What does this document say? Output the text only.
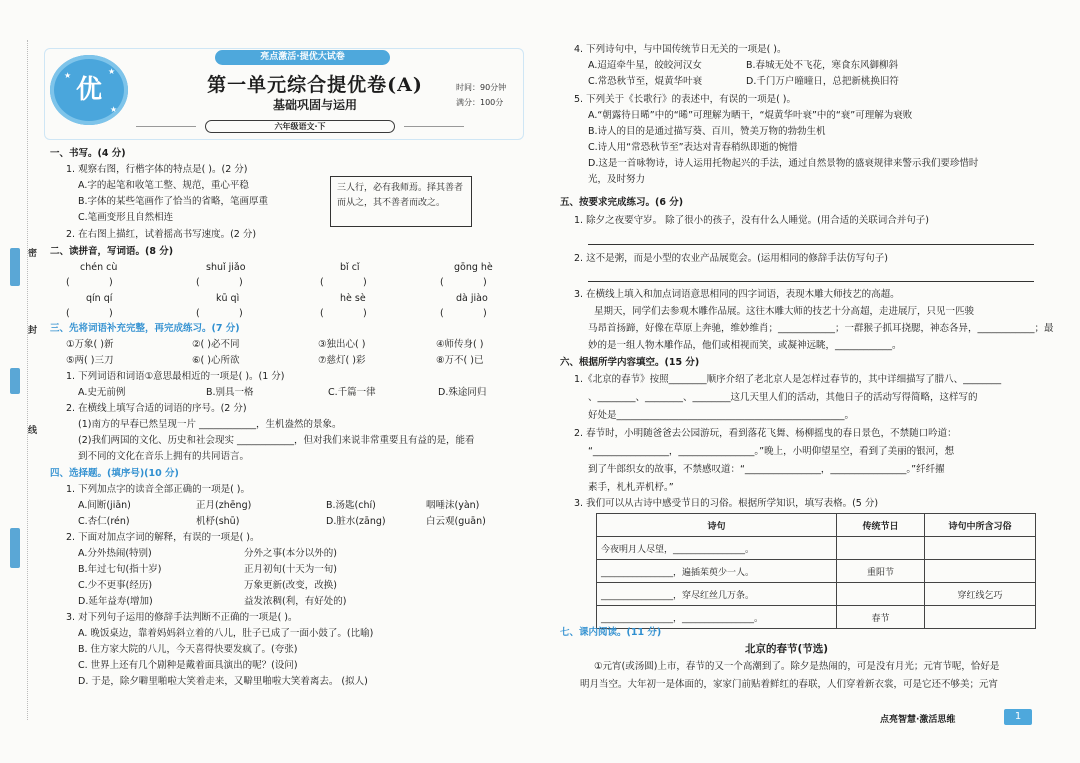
密
封
线
优
★	★
★
亮点激活·提优大试卷
第一单元综合提优卷(A)
基础巩固与运用
时间：90分钟
满分：100分
六年级语文·下
一、书写。(4 分)
1. 观察右图，行楷字体的特点是( )。(2 分)
A.字的起笔和收笔工整、规范，重心平稳
B.字体的某些笔画作了恰当的省略，笔画厚重
C.笔画变形且自然相连
2. 在右图上描红，试着摇高书写速度。(2 分)
三人行，必有我师焉。择其善者而从之，其不善者而改之。
二、读拼音，写词语。(8 分)
chén cù	shuǐ jiǎo	bǐ cǐ	gōng hè
(             )	(             )	(             )	(             )
qín qí	kū qì	hè sè	dà jiào
(             )	(             )	(             )	(             )
三、先将词语补充完整，再完成练习。(7 分)
①万象( )新	②( )必不同	③独出心( )	④师传身( )
⑤两( )三刀	⑥( )心所欲	⑦慈灯( )彩	⑧万不( )已
1. 下列词语和词语①意思最相近的一项是( )。(1 分)
A.史无前例	B.别具一格	C.千篇一律	D.殊途同归
2. 在横线上填写合适的词语的序号。(2 分)
(1)南方的早春已然呈现一片 ____________，生机盎然的景象。
(2)我们两国的文化、历史和社会现实 ____________，但对我们来说非常重要且有益的是，能看
到不同的文化在音乐上拥有的共同语言。
四、选择题。(填序号)(10 分)
1. 下列加点字的读音全部正确的一项是( )。
A.间断(jiān)	正月(zhēng)	B.汤匙(chí)	咽唾沫(yàn)
C.杏仁(rén)	机杼(shū)	D.脏水(zāng)	白云观(guān)
2. 下面对加点字词的解释，有误的一项是( )。
A.分外热闹(特别)	分外之事(本分以外的)
B.年过七旬(指十岁)	正月初旬(十天为一旬)
C.少不更事(经历)	万象更新(改变，改换)
D.延年益寿(增加)	益发浓稠(利，有好处的)
3. 对下列句子运用的修辞手法判断不正确的一项是( )。
A. 晚饭桌边，靠着妈妈斜立着的八儿，肚子已成了一面小鼓了。(比喻)
B. 住方家大院的八儿，今天喜得快要发疯了。(夸张)
C. 世界上还有几个剧种是戴着面具演出的呢？(设问)
D. 于是，除夕噼里啪啦大笑着走来，又噼里啪啦大笑着离去。 (拟人)
4. 下列诗句中，与中国传统节日无关的一项是( )。
A.迢迢牵牛星，皎皎河汉女	B.春城无处不飞花，寒食东风御柳斜
C.常恐秋节至，焜黄华叶衰	D.千门万户曈曈日，总把新桃换旧符
5. 下列关于《长歌行》的表述中，有误的一项是( )。
A.“朝露待日晞”中的“晞”可理解为晒干，“焜黄华叶衰”中的“衰”可理解为衰败
B.诗人的目的是通过描写葵、百川，赞美万物的勃勃生机
C.诗人用“常恐秋节至”表达对青春稍纵即逝的惋惜
D.这是一首咏物诗，诗人运用托物起兴的手法，通过自然景物的盛衰规律来警示我们要珍惜时
光，及时努力
五、按要求完成练习。(6 分)
1. 除夕之夜要守岁。 除了很小的孩子，没有什么人睡觉。(用合适的关联词合并句子)
2. 这不是粥，而是小型的农业产品展览会。(运用相同的修辞手法仿写句子)
3. 在横线上填入和加点词语意思相同的四字词语，表现木雕大师技艺的高超。
星期天，同学们去参观木雕作品展。这往木雕大师的技艺十分高超，走进展厅，只见一匹骏
马昂首扬蹄，好像在草原上奔驰，维妙维肖；____________；一群猴子抓耳挠腮，神态各异，____________；最
妙的是一组人物木雕作品，他们或相视而笑，或凝神远眺，____________。
六、根据所学内容填空。(15 分)
1.《北京的春节》按照________顺序介绍了老北京人是怎样过春节的，其中详细描写了腊八、________
、________、________、________这几天里人们的活动，其他日子的活动写得简略，这样写的
好处是________________________________________________。
2. 春节时，小明随爸爸去公园游玩，看到落花飞舞、杨柳摇曳的春日景色，不禁随口吟道：
“________________，________________。”晚上，小明仰望星空，看到了美丽的银河，想
到了牛郎织女的故事，不禁感叹道：“________________，________________。”纤纤擢
素手，札札弄机杼。”
3. 我们可以从古诗中感受节日的习俗。根据所学知识，填写表格。(5 分)
诗句	传统节日	诗句中所含习俗
今夜明月人尽望，________________。		
________________，遍插茱萸少一人。	重阳节	
________________，穿尽红丝几万条。		穿红线乞巧
________________，________________。	春节	
七、课内阅读。(11 分)
北京的春节(节选)
①元宵(或汤圆)上市，春节的又一个高潮到了。除夕是热闹的，可是没有月光；元宵节呢，恰好是
明月当空。大年初一是体面的，家家门前贴着鲜红的春联，人们穿着新衣裳，可是它还不够美；元宵
点亮智慧·激活思维	1
